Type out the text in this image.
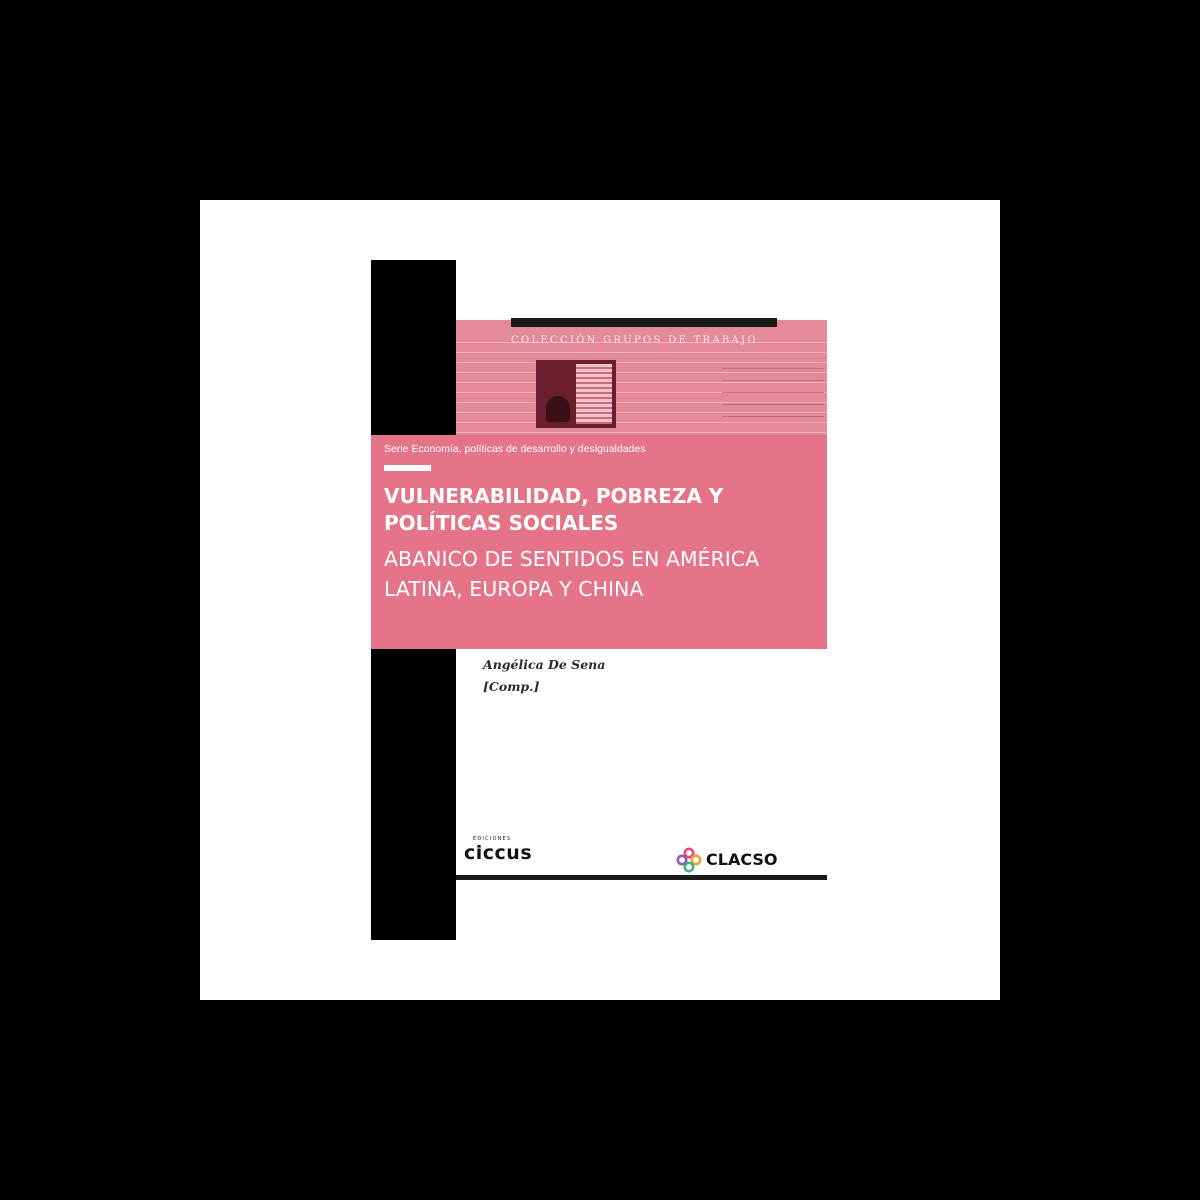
COLECCIÓN GRUPOS DE TRABAJO
Serie Economía, políticas de desarrollo y desigualdades
VULNERABILIDAD, POBREZA Y
POLÍTICAS SOCIALES
ABANICO DE SENTIDOS EN AMÉRICA
LATINA, EUROPA Y CHINA
Angélica De Sena
[Comp.]
EDICIONES
ciccus	CLACSO
